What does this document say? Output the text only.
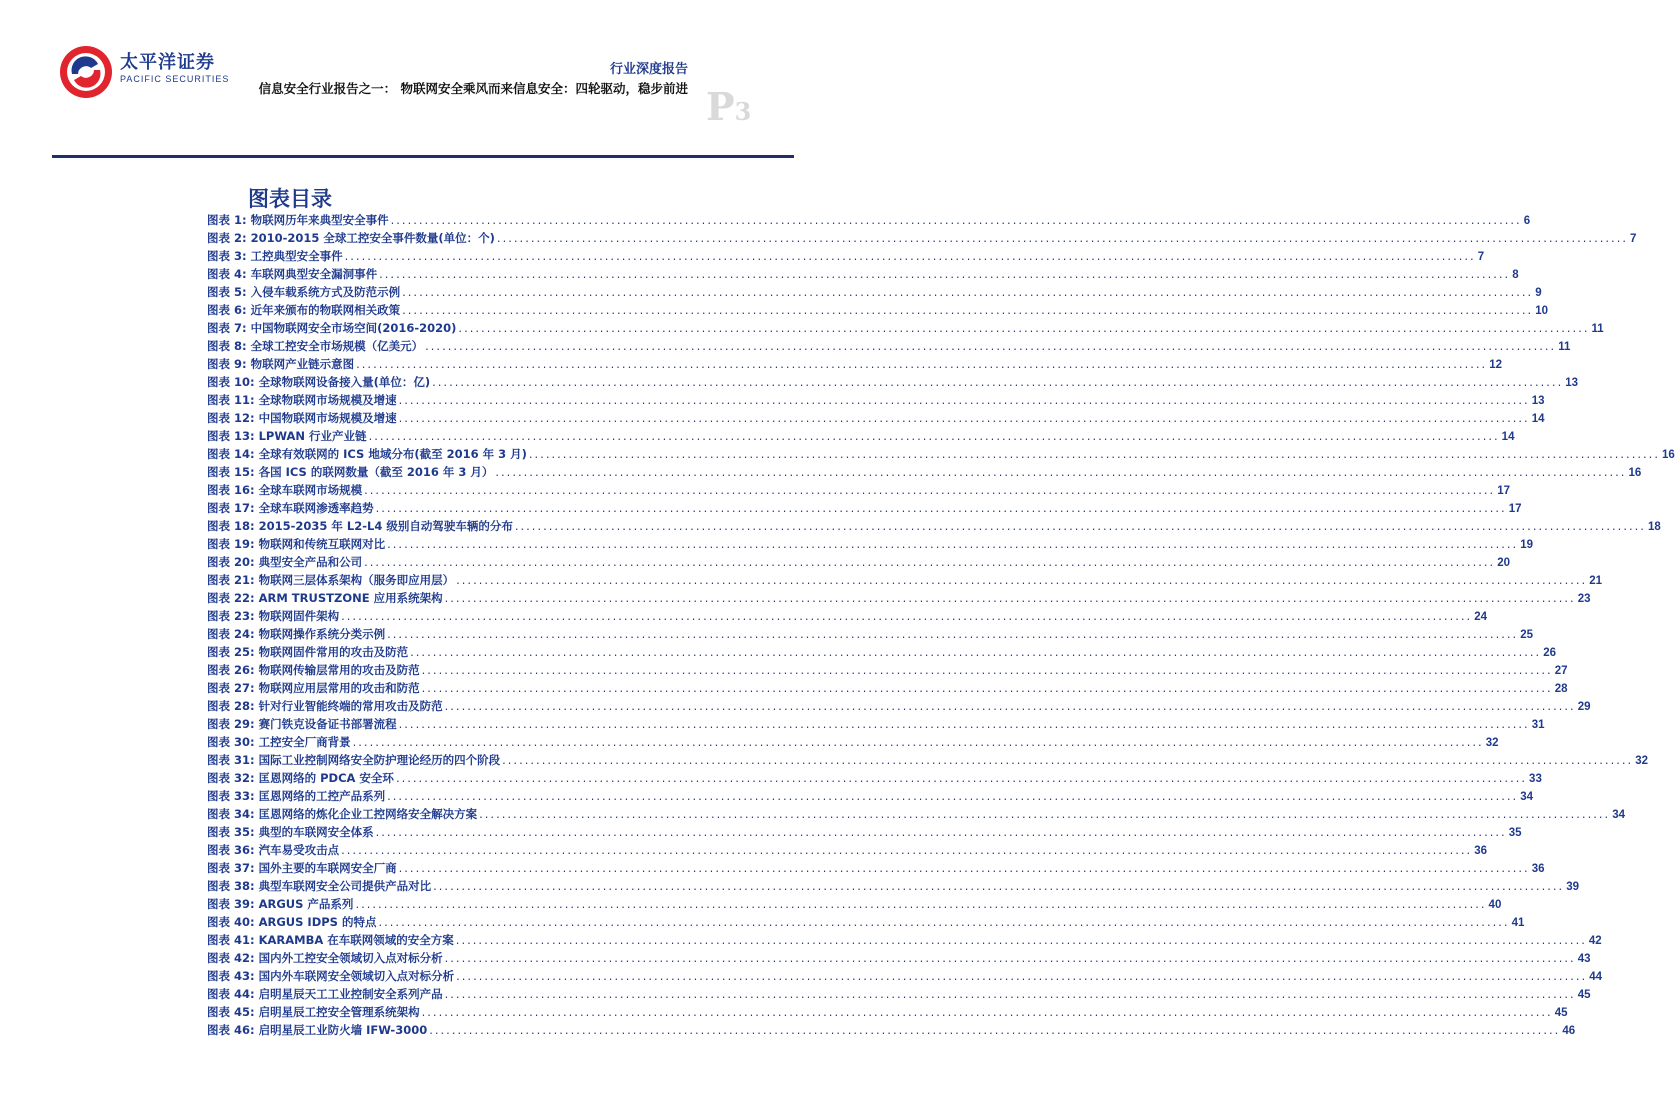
太平洋证券
PACIFIC SECURITIES
行业深度报告
信息安全行业报告之一： 物联网安全乘风而来信息安全：四轮驱动，稳步前进 P3
图表目录
图表 1: 物联网历年来典型安全事件 ........................................................................................................................................................................................................ 6
图表 2: 2010-2015 全球工控安全事件数量(单位：个) ........................................................................................................................................................................................................ 7
图表 3: 工控典型安全事件 ........................................................................................................................................................................................................ 7
图表 4: 车联网典型安全漏洞事件 ........................................................................................................................................................................................................ 8
图表 5: 入侵车载系统方式及防范示例 ........................................................................................................................................................................................................ 9
图表 6: 近年来颁布的物联网相关政策 ........................................................................................................................................................................................................ 10
图表 7: 中国物联网安全市场空间(2016-2020) ........................................................................................................................................................................................................ 11
图表 8: 全球工控安全市场规模（亿美元） ........................................................................................................................................................................................................ 11
图表 9: 物联网产业链示意图 ........................................................................................................................................................................................................ 12
图表 10: 全球物联网设备接入量(单位：亿) ........................................................................................................................................................................................................ 13
图表 11: 全球物联网市场规模及增速 ........................................................................................................................................................................................................ 13
图表 12: 中国物联网市场规模及增速 ........................................................................................................................................................................................................ 14
图表 13: LPWAN 行业产业链 ........................................................................................................................................................................................................ 14
图表 14: 全球有效联网的 ICS 地域分布(截至 2016 年 3 月) ........................................................................................................................................................................................................ 16
图表 15: 各国 ICS 的联网数量（截至 2016 年 3 月） ........................................................................................................................................................................................................ 16
图表 16: 全球车联网市场规模 ........................................................................................................................................................................................................ 17
图表 17: 全球车联网渗透率趋势 ........................................................................................................................................................................................................ 17
图表 18: 2015-2035 年 L2-L4 级别自动驾驶车辆的分布 ........................................................................................................................................................................................................ 18
图表 19: 物联网和传统互联网对比 ........................................................................................................................................................................................................ 19
图表 20: 典型安全产品和公司 ........................................................................................................................................................................................................ 20
图表 21: 物联网三层体系架构（服务即应用层） ........................................................................................................................................................................................................ 21
图表 22: ARM TRUSTZONE 应用系统架构 ........................................................................................................................................................................................................ 23
图表 23: 物联网固件架构 ........................................................................................................................................................................................................ 24
图表 24: 物联网操作系统分类示例 ........................................................................................................................................................................................................ 25
图表 25: 物联网固件常用的攻击及防范 ........................................................................................................................................................................................................ 26
图表 26: 物联网传输层常用的攻击及防范 ........................................................................................................................................................................................................ 27
图表 27: 物联网应用层常用的攻击和防范 ........................................................................................................................................................................................................ 28
图表 28: 针对行业智能终端的常用攻击及防范 ........................................................................................................................................................................................................ 29
图表 29: 赛门铁克设备证书部署流程 ........................................................................................................................................................................................................ 31
图表 30: 工控安全厂商背景 ........................................................................................................................................................................................................ 32
图表 31: 国际工业控制网络安全防护理论经历的四个阶段 ........................................................................................................................................................................................................ 32
图表 32: 匡恩网络的 PDCA 安全环 ........................................................................................................................................................................................................ 33
图表 33: 匡恩网络的工控产品系列 ........................................................................................................................................................................................................ 34
图表 34: 匡恩网络的炼化企业工控网络安全解决方案 ........................................................................................................................................................................................................ 34
图表 35: 典型的车联网安全体系 ........................................................................................................................................................................................................ 35
图表 36: 汽车易受攻击点 ........................................................................................................................................................................................................ 36
图表 37: 国外主要的车联网安全厂商 ........................................................................................................................................................................................................ 36
图表 38: 典型车联网安全公司提供产品对比 ........................................................................................................................................................................................................ 39
图表 39: ARGUS 产品系列 ........................................................................................................................................................................................................ 40
图表 40: ARGUS IDPS 的特点 ........................................................................................................................................................................................................ 41
图表 41: KARAMBA 在车联网领域的安全方案 ........................................................................................................................................................................................................ 42
图表 42: 国内外工控安全领域切入点对标分析 ........................................................................................................................................................................................................ 43
图表 43: 国内外车联网安全领域切入点对标分析 ........................................................................................................................................................................................................ 44
图表 44: 启明星辰天工工业控制安全系列产品 ........................................................................................................................................................................................................ 45
图表 45: 启明星辰工控安全管理系统架构 ........................................................................................................................................................................................................ 45
图表 46: 启明星辰工业防火墙 IFW-3000 ........................................................................................................................................................................................................ 46
